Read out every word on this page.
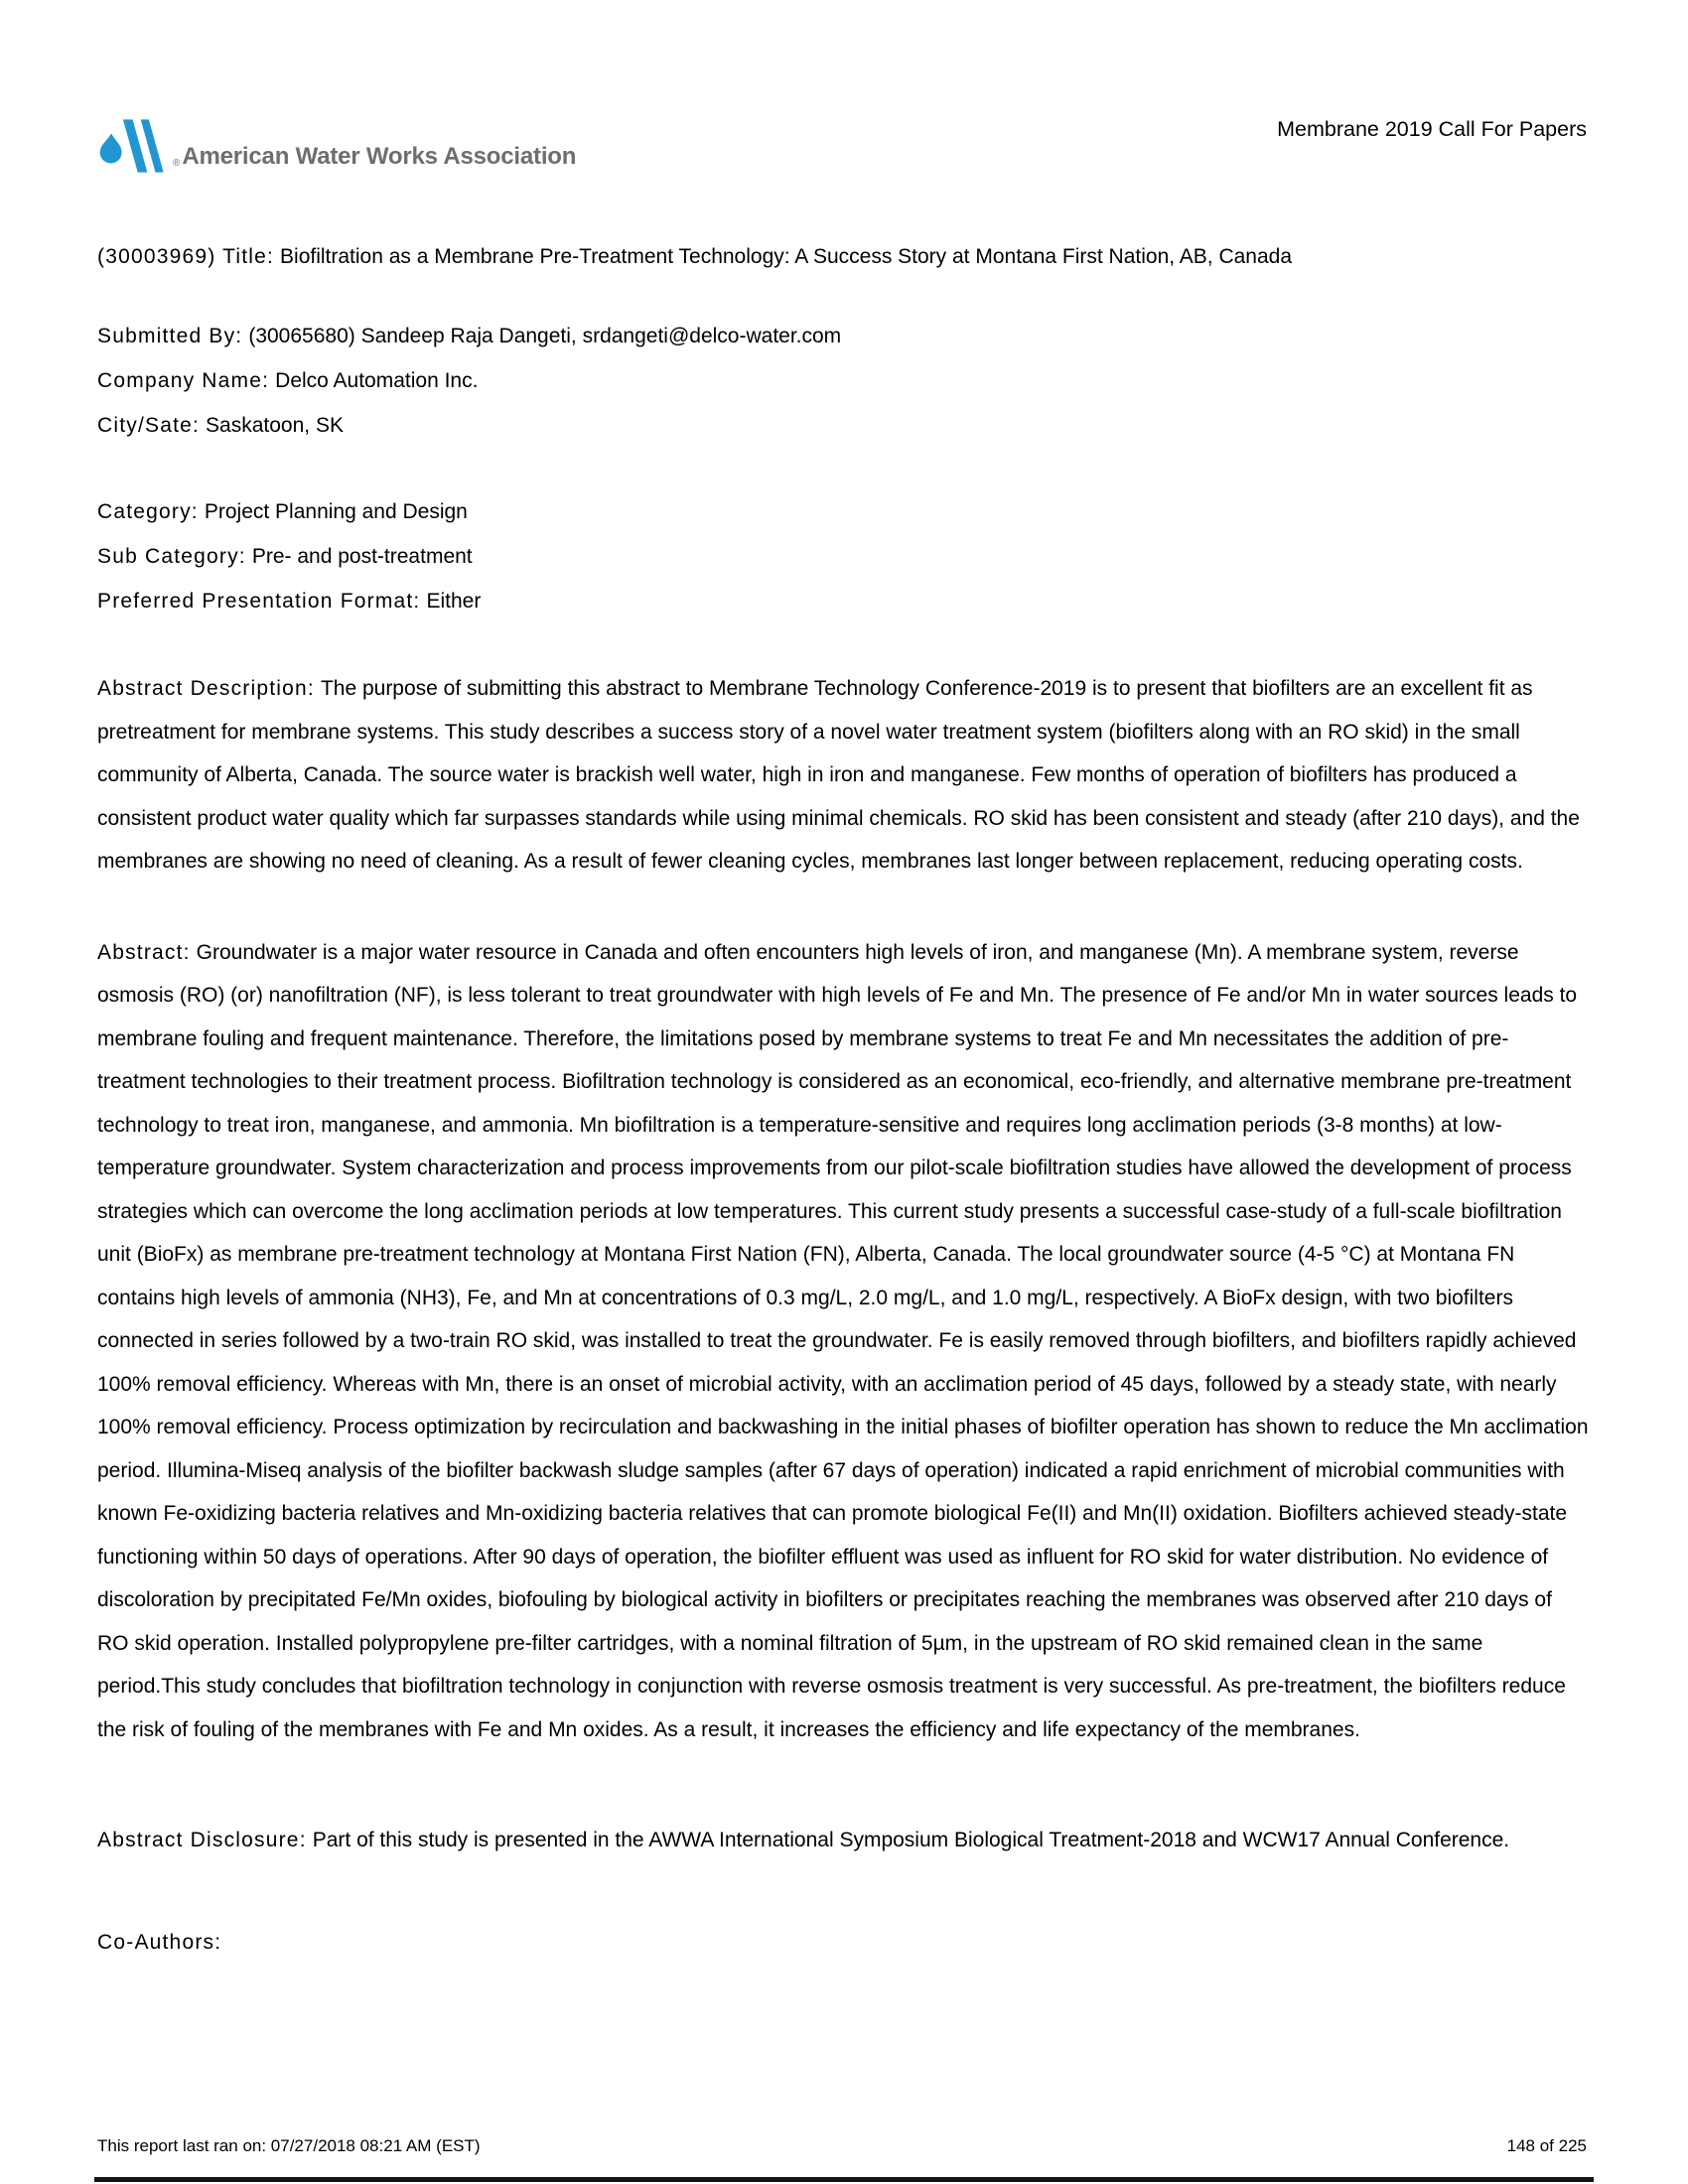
® American Water Works Association
Membrane 2019 Call For Papers

(30003969) Title: Biofiltration as a Membrane Pre-Treatment Technology: A Success Story at Montana First Nation, AB, Canada

Submitted By: (30065680) Sandeep Raja Dangeti, srdangeti@delco-water.com

Company Name: Delco Automation Inc.

City/Sate: Saskatoon, SK

Category: Project Planning and Design

Sub Category: Pre- and post-treatment

Preferred Presentation Format: Either

Abstract Description: The purpose of submitting this abstract to Membrane Technology Conference-2019 is to present that biofilters are an excellent fit as pretreatment for membrane systems. This study describes a success story of a novel water treatment system (biofilters along with an RO skid) in the small community of Alberta, Canada. The source water is brackish well water, high in iron and manganese. Few months of operation of biofilters has produced a consistent product water quality which far surpasses standards while using minimal chemicals. RO skid has been consistent and steady (after 210 days), and the membranes are showing no need of cleaning. As a result of fewer cleaning cycles, membranes last longer between replacement, reducing operating costs.

Abstract: Groundwater is a major water resource in Canada and often encounters high levels of iron, and manganese (Mn). A membrane system, reverse osmosis (RO) (or) nanofiltration (NF), is less tolerant to treat groundwater with high levels of Fe and Mn. The presence of Fe and/or Mn in water sources leads to membrane fouling and frequent maintenance. Therefore, the limitations posed by membrane systems to treat Fe and Mn necessitates the addition of pre-treatment technologies to their treatment process. Biofiltration technology is considered as an economical, eco-friendly, and alternative membrane pre-treatment technology to treat iron, manganese, and ammonia. Mn biofiltration is a temperature-sensitive and requires long acclimation periods (3-8 months) at low-temperature groundwater. System characterization and process improvements from our pilot-scale biofiltration studies have allowed the development of process strategies which can overcome the long acclimation periods at low temperatures. This current study presents a successful case-study of a full-scale biofiltration unit (BioFx) as membrane pre-treatment technology at Montana First Nation (FN), Alberta, Canada. The local groundwater source (4-5 °C) at Montana FN contains high levels of ammonia (NH3), Fe, and Mn at concentrations of 0.3 mg/L, 2.0 mg/L, and 1.0 mg/L, respectively. A BioFx design, with two biofilters connected in series followed by a two-train RO skid, was installed to treat the groundwater. Fe is easily removed through biofilters, and biofilters rapidly achieved 100% removal efficiency. Whereas with Mn, there is an onset of microbial activity, with an acclimation period of 45 days, followed by a steady state, with nearly 100% removal efficiency. Process optimization by recirculation and backwashing in the initial phases of biofilter operation has shown to reduce the Mn acclimation period. Illumina-Miseq analysis of the biofilter backwash sludge samples (after 67 days of operation) indicated a rapid enrichment of microbial communities with known Fe-oxidizing bacteria relatives and Mn-oxidizing bacteria relatives that can promote biological Fe(II) and Mn(II) oxidation. Biofilters achieved steady-state functioning within 50 days of operations. After 90 days of operation, the biofilter effluent was used as influent for RO skid for water distribution. No evidence of discoloration by precipitated Fe/Mn oxides, biofouling by biological activity in biofilters or precipitates reaching the membranes was observed after 210 days of RO skid operation. Installed polypropylene pre-filter cartridges, with a nominal filtration of 5µm, in the upstream of RO skid remained clean in the same period.This study concludes that biofiltration technology in conjunction with reverse osmosis treatment is very successful. As pre-treatment, the biofilters reduce the risk of fouling of the membranes with Fe and Mn oxides. As a result, it increases the efficiency and life expectancy of the membranes.

Abstract Disclosure: Part of this study is presented in the AWWA International Symposium Biological Treatment-2018 and WCW17 Annual Conference.

Co-Authors:

This report last ran on: 07/27/2018 08:21 AM (EST)	148 of 225
